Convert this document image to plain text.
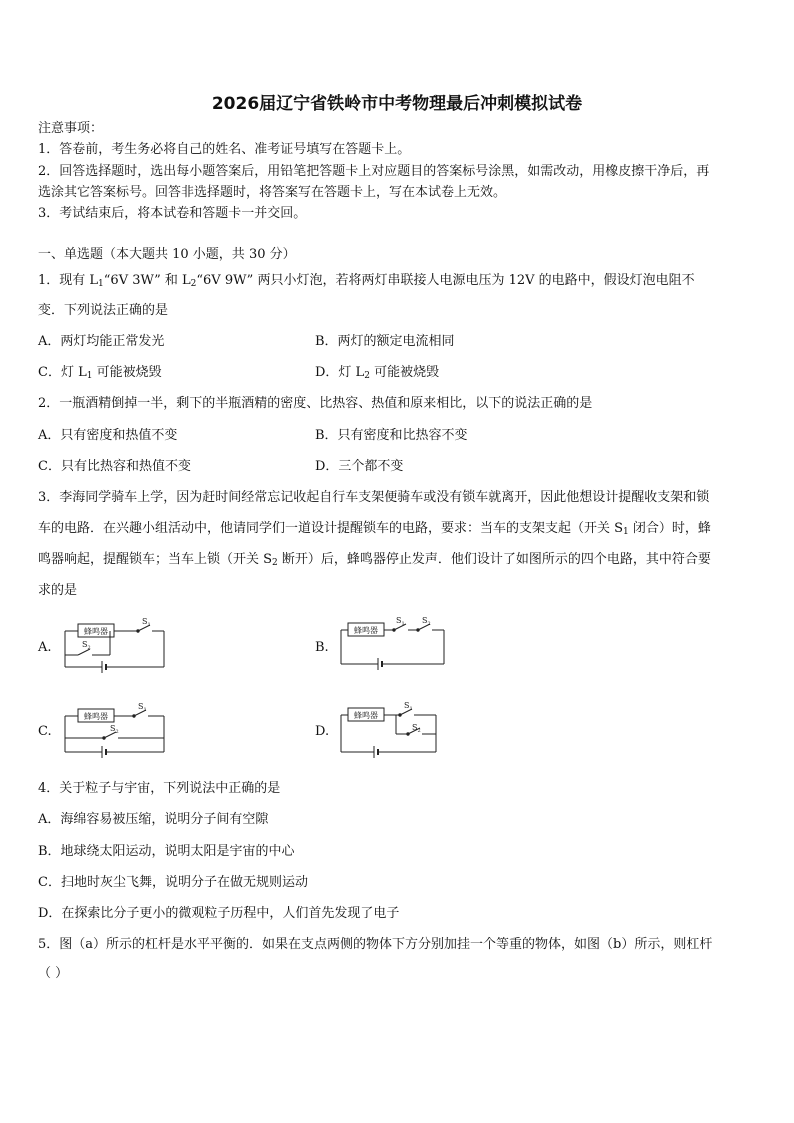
2026届辽宁省铁岭市中考物理最后冲刺模拟试卷
注意事项：
1．答卷前，考生务必将自己的姓名、准考证号填写在答题卡上。
2．回答选择题时，选出每小题答案后，用铅笔把答题卡上对应题目的答案标号涂黑，如需改动，用橡皮擦干净后，再
选涂其它答案标号。回答非选择题时，将答案写在答题卡上，写在本试卷上无效。
3．考试结束后，将本试卷和答题卡一并交回。
一、单选题（本大题共 10 小题，共 30 分）
1．现有 $L_1“6V$ 3W” 和 $L_2“6V$ 9W” 两只小灯泡，若将两灯串联接人电源电压为 12V 的电路中，假设灯泡电阻不
变．下列说法正确的是
A．两灯均能正常发光	B．两灯的额定电流相同
C．灯 $L_1$ 可能被烧毁	D．灯 $L_2$ 可能被烧毁
2．一瓶酒精倒掉一半，剩下的半瓶酒精的密度、比热容、热值和原来相比，以下的说法正确的是
A．只有密度和热值不变	B．只有密度和比热容不变
C．只有比热容和热值不变	D．三个都不变
3．李海同学骑车上学，因为赶时间经常忘记收起自行车支架便骑车或没有锁车就离开，因此他想设计提醒收支架和锁
车的电路．在兴趣小组活动中，他请同学们一道设计提醒锁车的电路，要求：当车的支架支起（开关 $S_1$ 闭合）时，蜂
鸣器响起，提醒锁车；当车上锁（开关 $S_2$ 断开）后，蜂鸣器停止发声．他们设计了如图所示的四个电路，其中符合要
求的是
A.	B.
C.	D.
蜂鸣器
$S_1$
$S_2$
蜂鸣器
$S_1$ $S_2$
蜂鸣器
$S_1$
$S_2$
蜂鸣器
$S_1$
$S_2$
4．关于粒子与宇宙，下列说法中正确的是
A．海绵容易被压缩，说明分子间有空隙
B．地球绕太阳运动，说明太阳是宇宙的中心
C．扫地时灰尘飞舞，说明分子在做无规则运动
D．在探索比分子更小的微观粒子历程中，人们首先发现了电子
5．图（a）所示的杠杆是水平平衡的．如果在支点两侧的物体下方分别加挂一个等重的物体，如图（b）所示，则杠杆
（ ）
